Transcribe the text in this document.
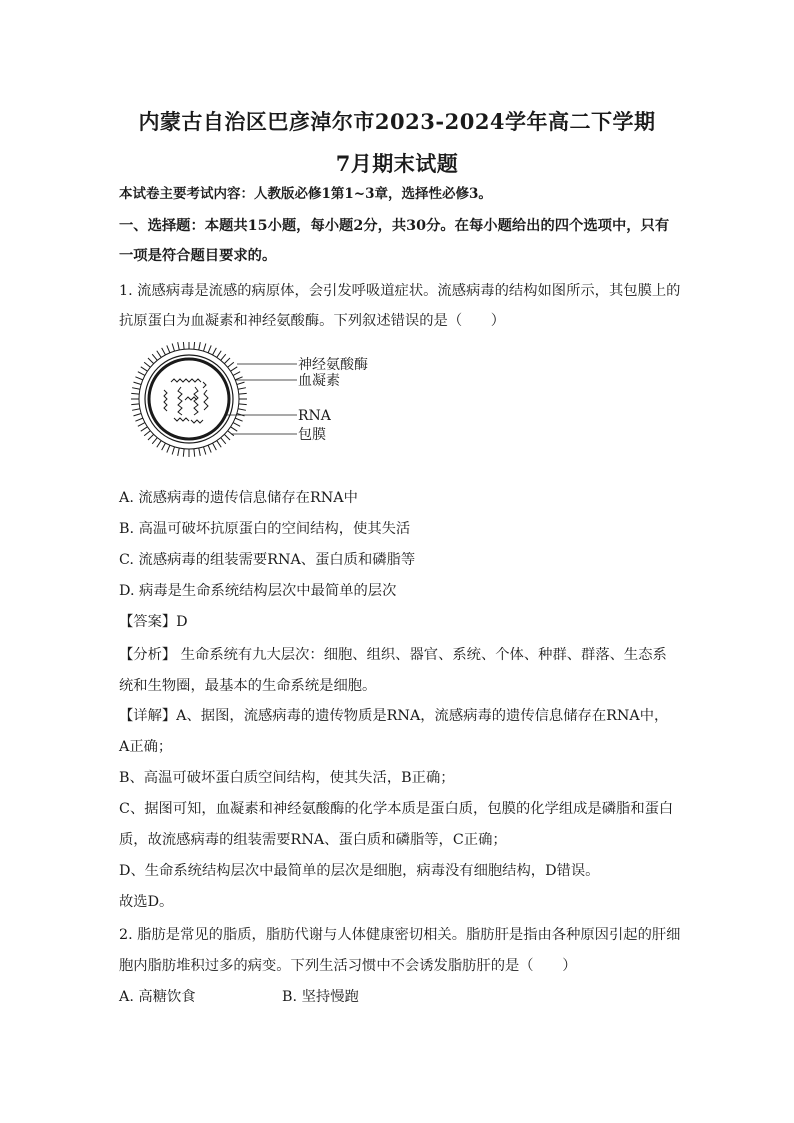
内蒙古自治区巴彦淖尔市2023-2024学年高二下学期
7月期末试题
本试卷主要考试内容：人教版必修1第1~3章，选择性必修3。
一、选择题：本题共15小题，每小题2分，共30分。在每小题给出的四个选项中，只有
一项是符合题目要求的。
1. 流感病毒是流感的病原体，会引发呼吸道症状。流感病毒的结构如图所示，其包膜上的
抗原蛋白为血凝素和神经氨酸酶。下列叙述错误的是（　　）
神经氨酸酶
血凝素
RNA
包膜
A. 流感病毒的遗传信息储存在RNA中
B. 高温可破坏抗原蛋白的空间结构，使其失活
C. 流感病毒的组装需要RNA、蛋白质和磷脂等
D. 病毒是生命系统结构层次中最简单的层次
【答案】D
【分析】 生命系统有九大层次：细胞、组织、器官、系统、个体、种群、群落、生态系
统和生物圈，最基本的生命系统是细胞。
【详解】A、据图，流感病毒的遗传物质是RNA，流感病毒的遗传信息储存在RNA中，
A正确；
B、高温可破坏蛋白质空间结构，使其失活，B正确；
C、据图可知，血凝素和神经氨酸酶的化学本质是蛋白质，包膜的化学组成是磷脂和蛋白
质，故流感病毒的组装需要RNA、蛋白质和磷脂等，C正确；
D、生命系统结构层次中最简单的层次是细胞，病毒没有细胞结构，D错误。
故选D。
2. 脂肪是常见的脂质，脂肪代谢与人体健康密切相关。脂肪肝是指由各种原因引起的肝细
胞内脂肪堆积过多的病变。下列生活习惯中不会诱发脂肪肝的是（　　）
A. 高糖饮食	B. 坚持慢跑
